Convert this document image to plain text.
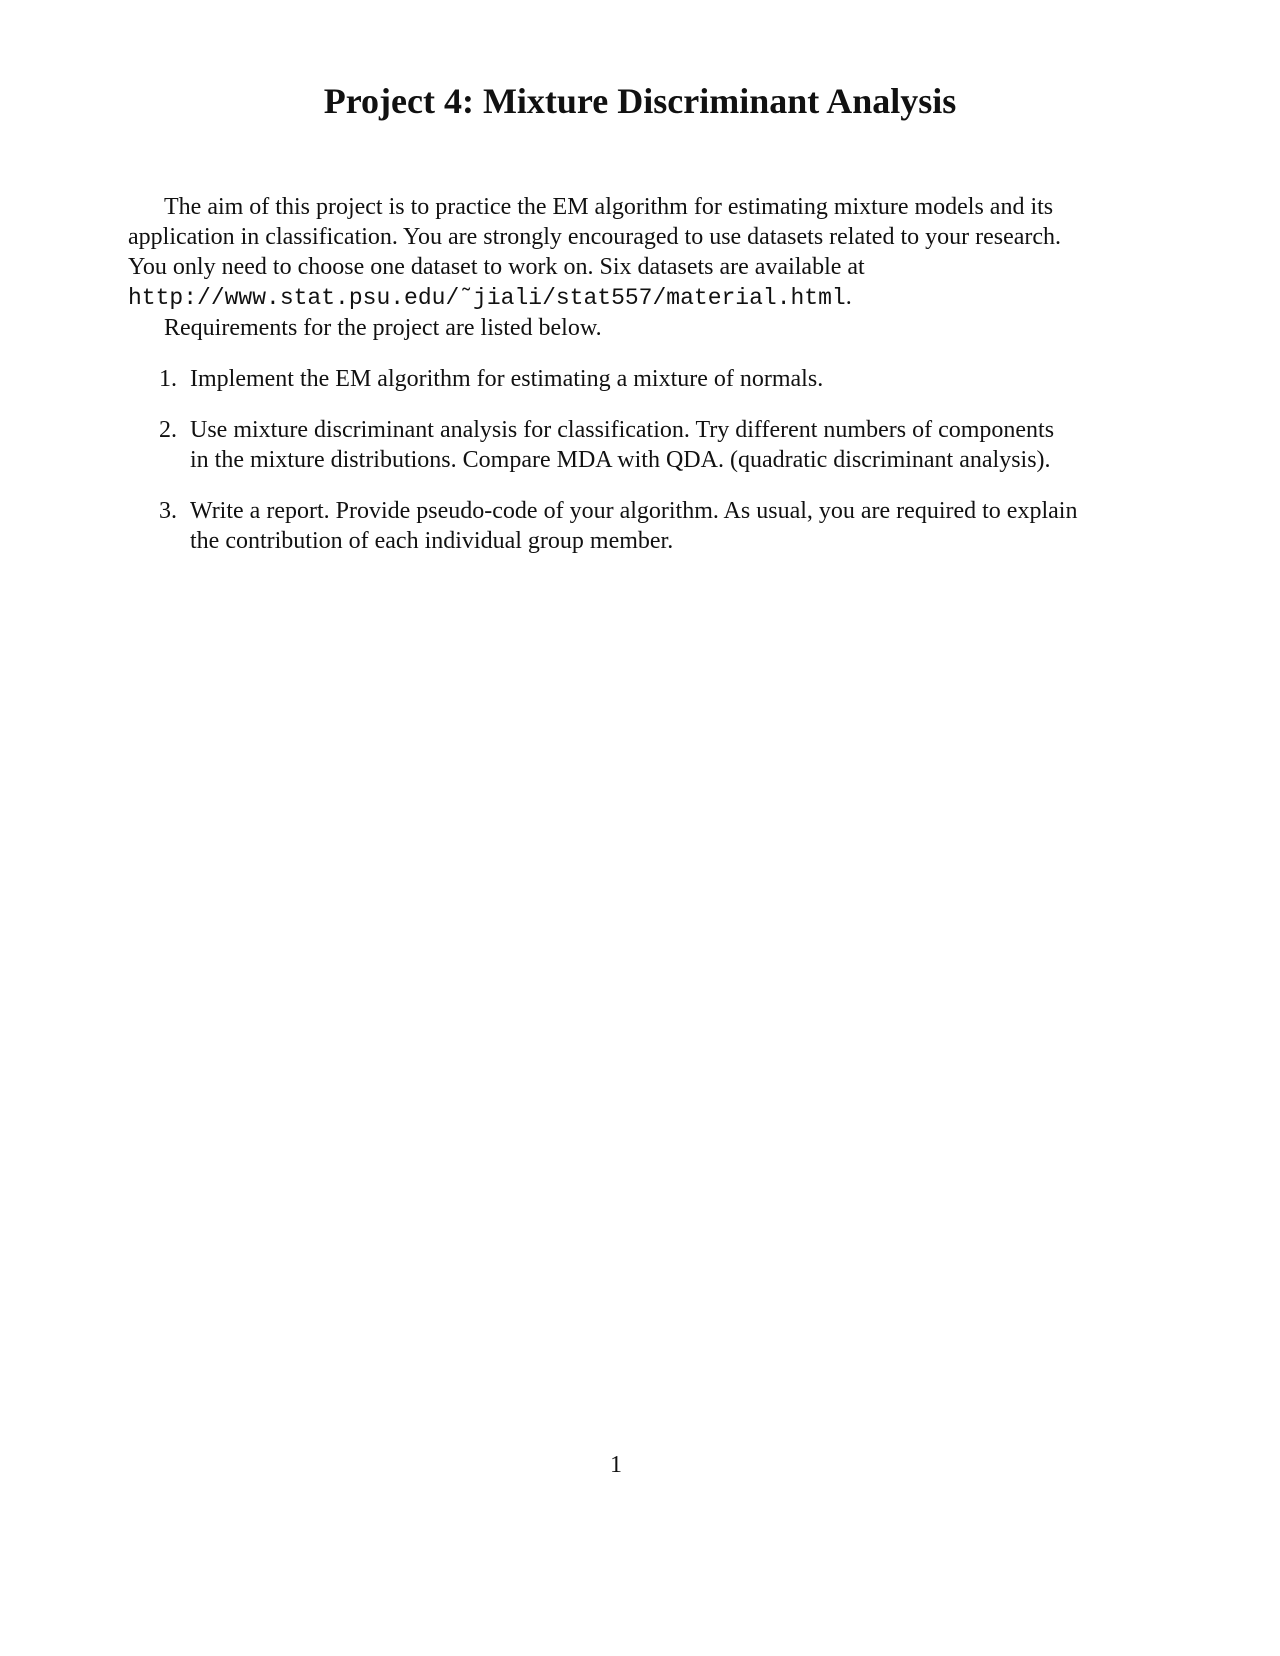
Project 4: Mixture Discriminant Analysis

The aim of this project is to practice the EM algorithm for estimating mixture models and its
application in classification. You are strongly encouraged to use datasets related to your research.
You only need to choose one dataset to work on. Six datasets are available at
http://www.stat.psu.edu/˜jiali/stat557/material.html.
Requirements for the project are listed below.

1. Implement the EM algorithm for estimating a mixture of normals.
2. Use mixture discriminant analysis for classification. Try different numbers of components
in the mixture distributions. Compare MDA with QDA. (quadratic discriminant analysis).
3. Write a report. Provide pseudo-code of your algorithm. As usual, you are required to explain
the contribution of each individual group member.

1
